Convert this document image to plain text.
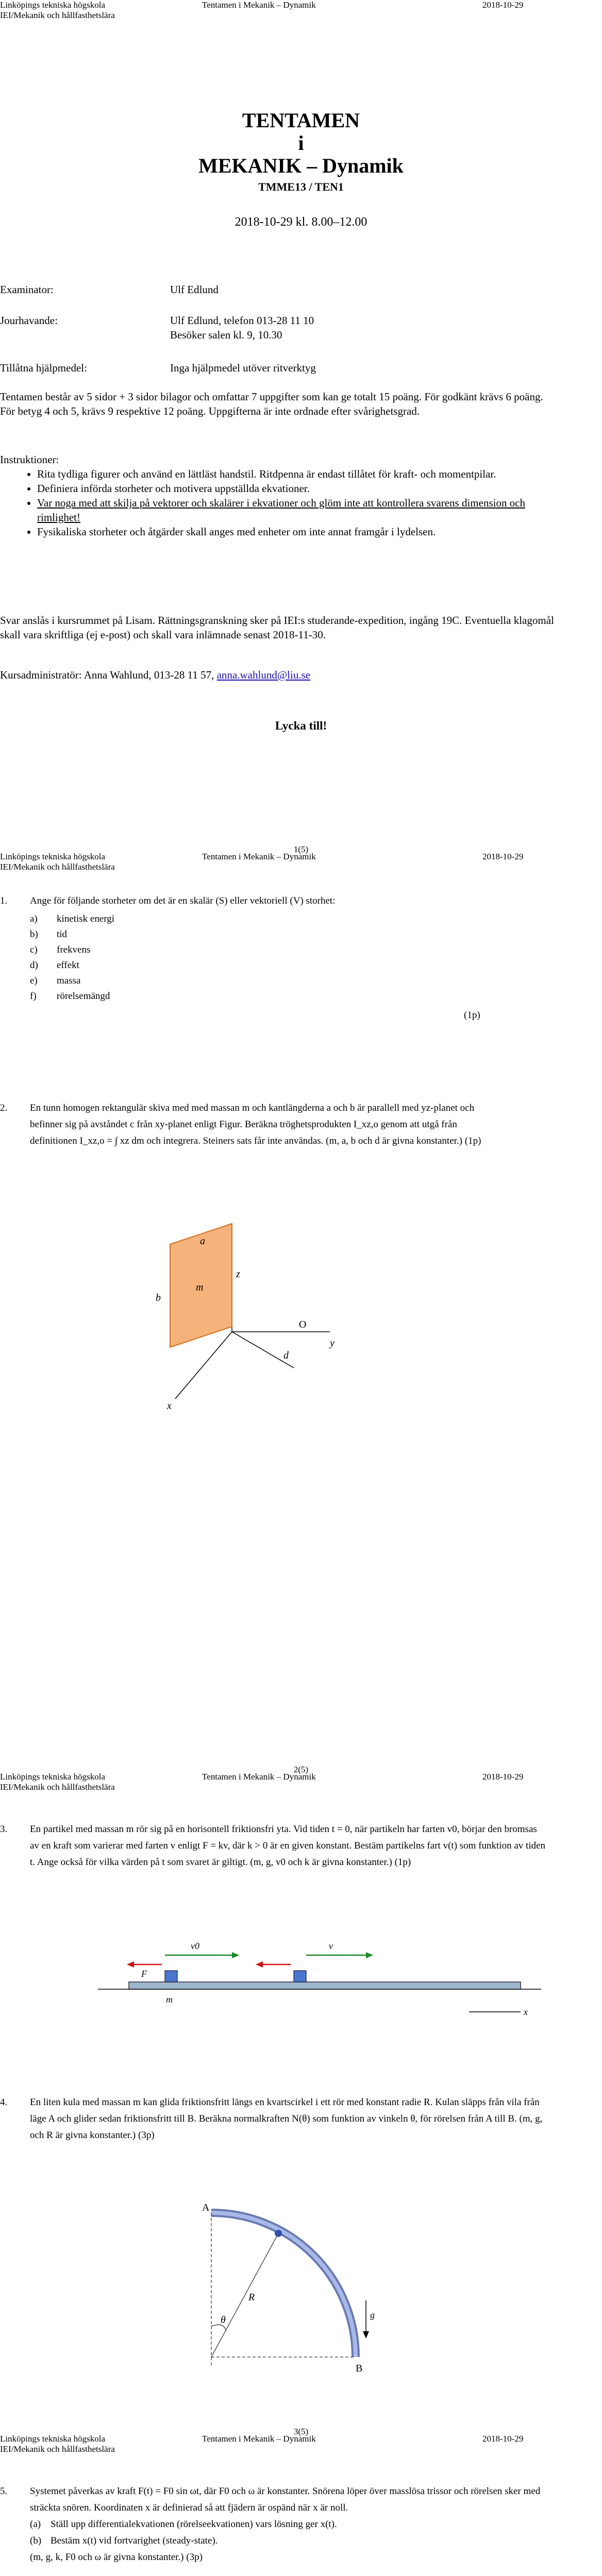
Linköpings tekniska högskola
IEI/Mekanik och hållfasthetslära
Tentamen i Mekanik – Dynamik	2018-10-29
TENTAMEN
i
MEKANIK – Dynamik
TMME13 / TEN1
2018-10-29 kl. 8.00–12.00
Examinator:	Ulf Edlund
Jourhavande:	Ulf Edlund, telefon 013-28 11 10
Besöker salen kl. 9, 10.30
Tillåtna hjälpmedel:	Inga hjälpmedel utöver ritverktyg
Tentamen består av 5 sidor + 3 sidor bilagor och omfattar 7 uppgifter som kan ge totalt 15 poäng. För godkänt krävs 6 poäng. För betyg 4 och 5, krävs 9 respektive 12 poäng. Uppgifterna är inte ordnade efter svårighetsgrad.
Instruktioner:
• Rita tydliga figurer och använd en lättläst handstil. Ritdpenna är endast tillåtet för kraft- och momentpilar.
• Definiera införda storheter och motivera uppställda ekvationer.
• Var noga med att skilja på vektorer och skalärer i ekvationer och glöm inte att kontrollera svarens dimension och rimlighet!
• Fysikaliska storheter och åtgärder skall anges med enheter om inte annat framgår i lydelsen.
Svar anslås i kursrummet på Lisam. Rättningsgranskning sker på IEI:s studerande-expedition, ingång 19C. Eventuella klagomål skall vara skriftliga (ej e-post) och skall vara inlämnade senast 2018-11-30.
Kursadministratör: Anna Wahlund, 013-28 11 57, anna.wahlund@liu.se
Lycka till!
1(5)
Linköpings tekniska högskola
IEI/Mekanik och hållfasthetslära
Tentamen i Mekanik – Dynamik	2018-10-29
1.	Ange för följande storheter om det är en skalär (S) eller vektoriell (V) storhet:

a)	kinetisk energi
b)	tid
c)	frekvens
d)	effekt
e)	massa
f)	rörelsemängd
(1p)
2.	En tunn homogen rektangulär skiva med med massan m och kantlängderna a och b är parallell med yz-planet och befinner sig på avståndet c från xy-planet enligt Figur. Beräkna tröghetsprodukten I_xz,o genom att utgå från definitionen I_xz,o = ∫ xz dm och integrera. Steiners sats får inte användas. (m, a, b och d är givna konstanter.) (1p)
a
b
m
O
d
y
x
z
2(5)
Linköpings tekniska högskola
IEI/Mekanik och hållfasthetslära
Tentamen i Mekanik – Dynamik	2018-10-29
3.	En partikel med massan m rör sig på en horisontell friktionsfri yta. Vid tiden t = 0, när partikeln har farten v0, börjar den bromsas av en kraft som varierar med farten v enligt F = kv, där k > 0 är en given konstant. Bestäm partikelns fart v(t) som funktion av tiden t. Ange också för vilka värden på t som svaret är giltigt. (m, g, v0 och k är givna konstanter.) (1p)
v0	v
F
m
x
4.	En liten kula med massan m kan glida friktionsfritt längs en kvartscirkel i ett rör med konstant radie R. Kulan släpps från vila från läge A och glider sedan friktionsfritt till B. Beräkna normalkraften N(θ) som funktion av vinkeln θ, för rörelsen från A till B. (m, g, och R är givna konstanter.) (3p)
A
B
R
θ	g
3(5)
Linköpings tekniska högskola
IEI/Mekanik och hållfasthetslära
Tentamen i Mekanik – Dynamik	2018-10-29
5.	Systemet påverkas av kraft F(t) = F0 sin ωt, där F0 och ω är konstanter. Snörena löper över masslösa trissor och rörelsen sker med sträckta snören. Koordinaten x är definierad så att fjädern är ospänd när x är noll.

(a) Ställ upp differentialekvationen (rörelseekvationen) vars lösning ger x(t).
(b) Bestäm x(t) vid fortvarighet (steady-state).

(m, g, k, F0 och ω är givna konstanter.) (3p)
